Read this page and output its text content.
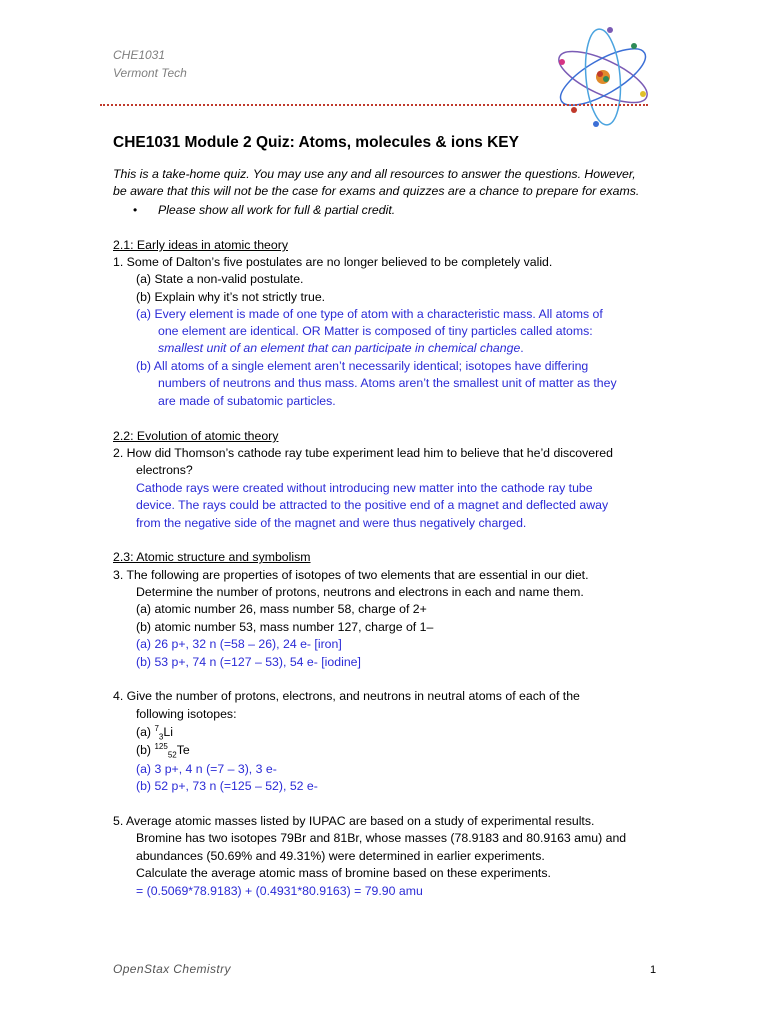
CHE1031
Vermont Tech
CHE1031 Module 2 Quiz: Atoms, molecules & ions KEY
This is a take-home quiz. You may use any and all resources to answer the questions. However,
be aware that this will not be the case for exams and quizzes are a chance to prepare for exams.
• Please show all work for full & partial credit.
2.1: Early ideas in atomic theory
1. Some of Dalton’s five postulates are no longer believed to be completely valid.
(a) State a non-valid postulate.
(b) Explain why it’s not strictly true.
(a) Every element is made of one type of atom with a characteristic mass. All atoms of
one element are identical. OR Matter is composed of tiny particles called atoms:
smallest unit of an element that can participate in chemical change.
(b) All atoms of a single element aren’t necessarily identical; isotopes have differing
numbers of neutrons and thus mass. Atoms aren’t the smallest unit of matter as they
are made of subatomic particles.
2.2: Evolution of atomic theory
2. How did Thomson’s cathode ray tube experiment lead him to believe that he’d discovered
electrons?
Cathode rays were created without introducing new matter into the cathode ray tube
device. The rays could be attracted to the positive end of a magnet and deflected away
from the negative side of the magnet and were thus negatively charged.
2.3: Atomic structure and symbolism
3. The following are properties of isotopes of two elements that are essential in our diet.
Determine the number of protons, neutrons and electrons in each and name them.
(a) atomic number 26, mass number 58, charge of 2+
(b) atomic number 53, mass number 127, charge of 1–
(a) 26 p+, 32 n (=58 – 26), 24 e- [iron]
(b) 53 p+, 74 n (=127 – 53), 54 e- [iodine]
4. Give the number of protons, electrons, and neutrons in neutral atoms of each of the
following isotopes:
(a) $^7_3$Li
(b) $^{125}_{52}$Te
(a) 3 p+, 4 n (=7 – 3), 3 e-
(b) 52 p+, 73 n (=125 – 52), 52 e-
5. Average atomic masses listed by IUPAC are based on a study of experimental results.
Bromine has two isotopes 79Br and 81Br, whose masses (78.9183 and 80.9163 amu) and
abundances (50.69% and 49.31%) were determined in earlier experiments.
Calculate the average atomic mass of bromine based on these experiments.
= (0.5069*78.9183) + (0.4931*80.9163) = 79.90 amu
OpenStax Chemistry	1
